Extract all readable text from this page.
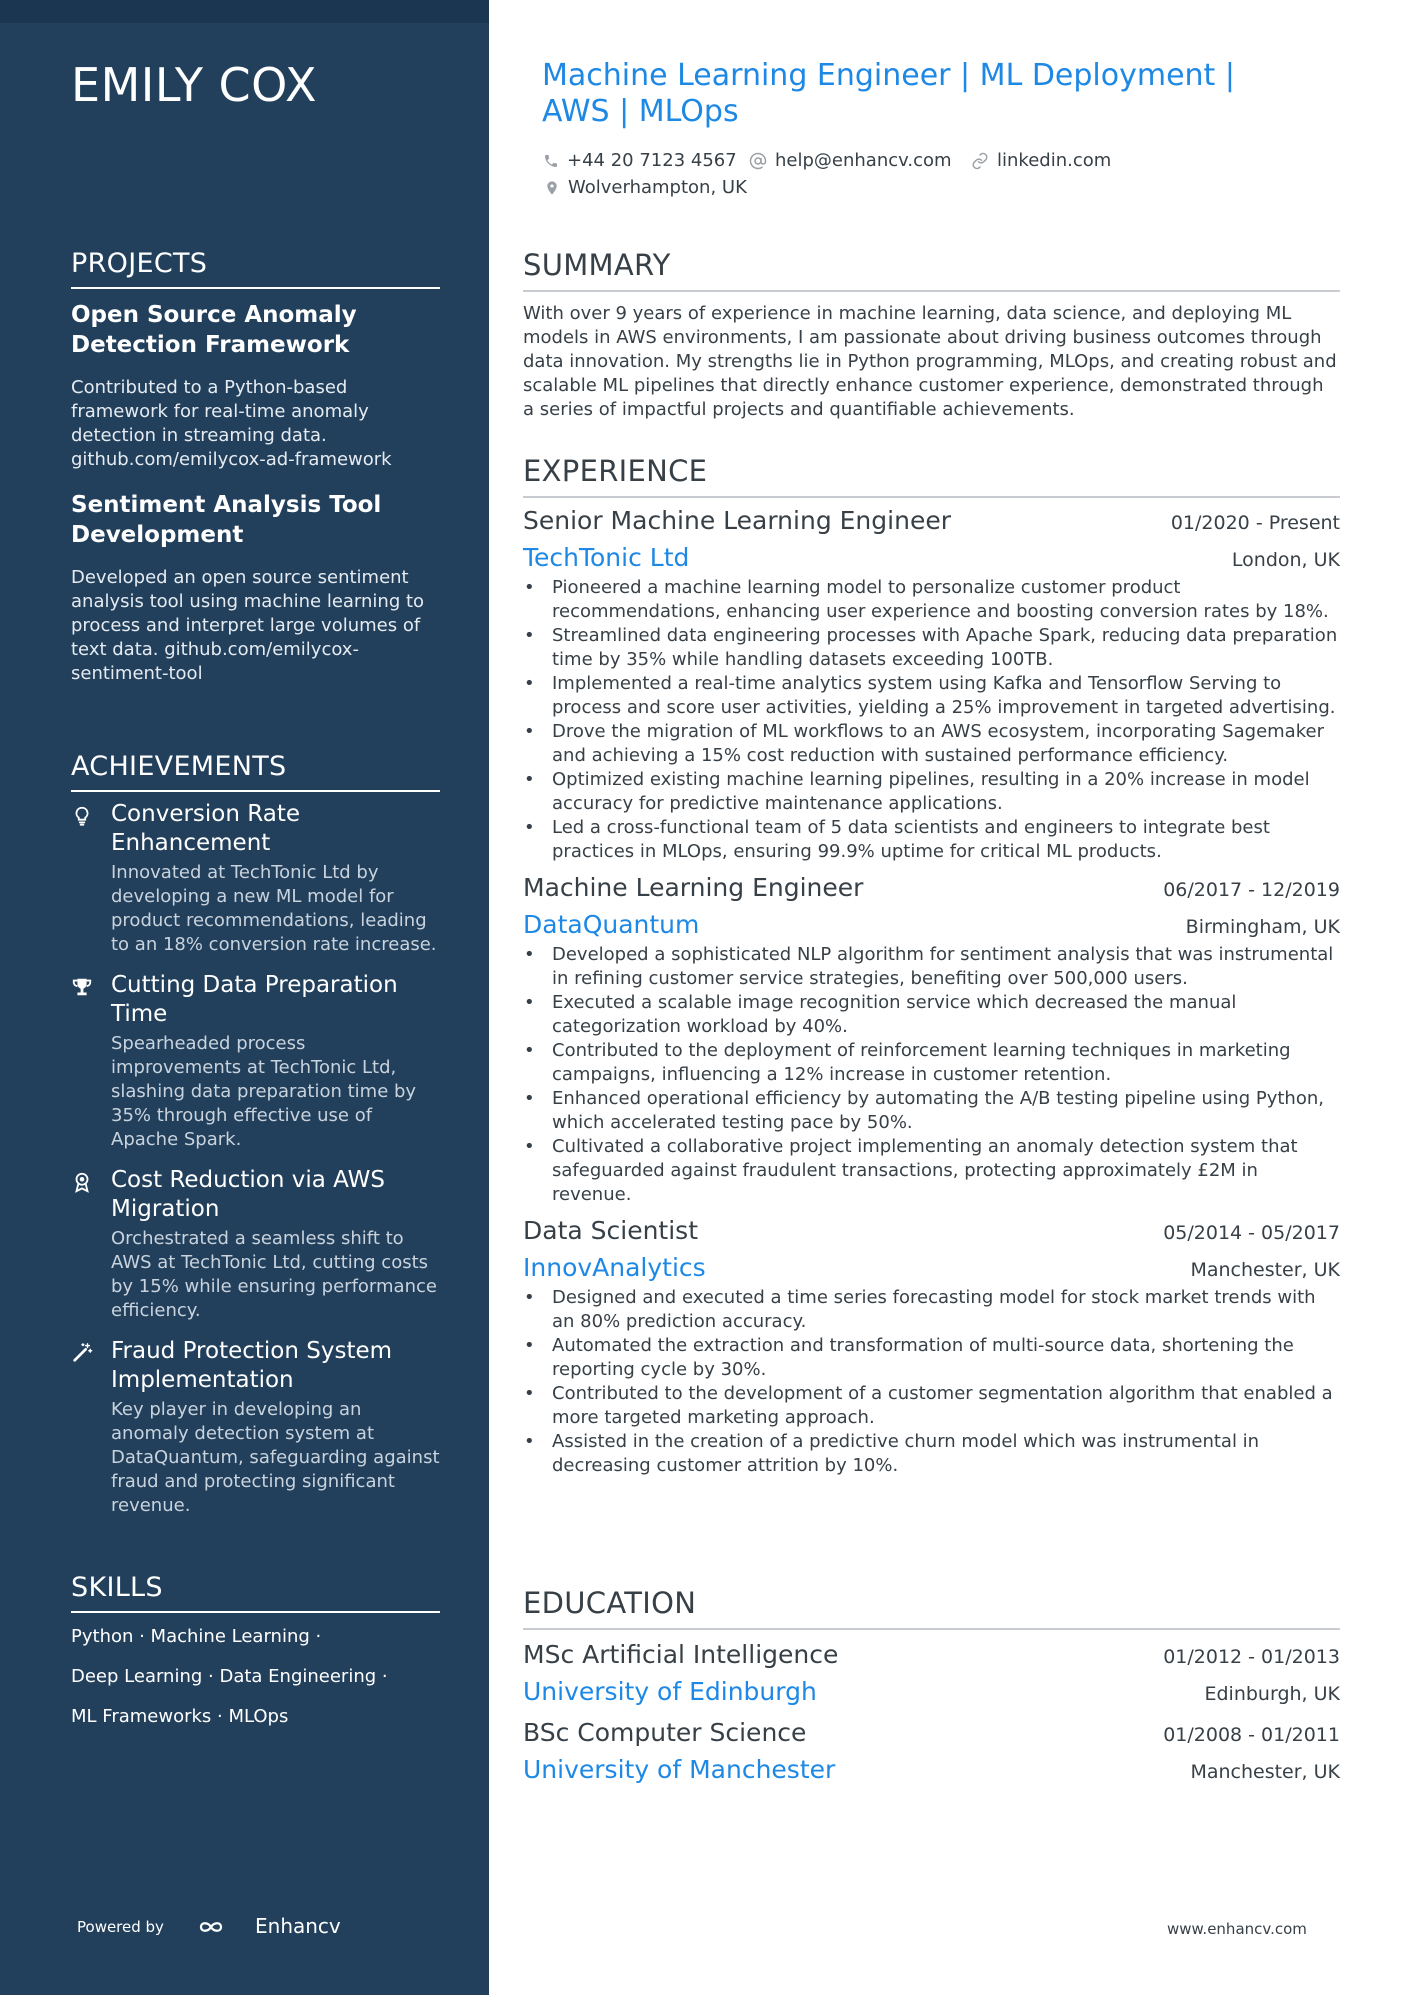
EMILY COX
PROJECTS
Open Source Anomaly Detection Framework
Contributed to a Python-based framework for real-time anomaly detection in streaming data. github.com/emilycox-ad-framework
Sentiment Analysis Tool Development
Developed an open source sentiment analysis tool using machine learning to process and interpret large volumes of text data. github.com/emilycox-sentiment-tool
ACHIEVEMENTS
Conversion Rate Enhancement
Innovated at TechTonic Ltd by developing a new ML model for product recommendations, leading to an 18% conversion rate increase.
Cutting Data Preparation Time
Spearheaded process improvements at TechTonic Ltd, slashing data preparation time by 35% through effective use of Apache Spark.
Cost Reduction via AWS Migration
Orchestrated a seamless shift to AWS at TechTonic Ltd, cutting costs by 15% while ensuring performance efficiency.
Fraud Protection System Implementation
Key player in developing an anomaly detection system at DataQuantum, safeguarding against fraud and protecting significant revenue.
SKILLS
Python · Machine Learning ·
Deep Learning · Data Engineering ·
ML Frameworks · MLOps
Powered by	Enhancv
Machine Learning Engineer | ML Deployment | AWS | MLOps
+44 20 7123 4567 help@enhancv.com	linkedin.com
Wolverhampton, UK
SUMMARY
With over 9 years of experience in machine learning, data science, and deploying ML models in AWS environments, I am passionate about driving business outcomes through data innovation. My strengths lie in Python programming, MLOps, and creating robust and scalable ML pipelines that directly enhance customer experience, demonstrated through a series of impactful projects and quantifiable achievements.
EXPERIENCE
Senior Machine Learning Engineer	01/2020 - Present
TechTonic Ltd	London, UK
• Pioneered a machine learning model to personalize customer product recommendations, enhancing user experience and boosting conversion rates by 18%.
• Streamlined data engineering processes with Apache Spark, reducing data preparation time by 35% while handling datasets exceeding 100TB.
• Implemented a real-time analytics system using Kafka and Tensorflow Serving to process and score user activities, yielding a 25% improvement in targeted advertising.
• Drove the migration of ML workflows to an AWS ecosystem, incorporating Sagemaker and achieving a 15% cost reduction with sustained performance efficiency.
• Optimized existing machine learning pipelines, resulting in a 20% increase in model accuracy for predictive maintenance applications.
• Led a cross-functional team of 5 data scientists and engineers to integrate best practices in MLOps, ensuring 99.9% uptime for critical ML products.
Machine Learning Engineer	06/2017 - 12/2019
DataQuantum	Birmingham, UK
• Developed a sophisticated NLP algorithm for sentiment analysis that was instrumental in refining customer service strategies, benefiting over 500,000 users.
• Executed a scalable image recognition service which decreased the manual categorization workload by 40%.
• Contributed to the deployment of reinforcement learning techniques in marketing campaigns, influencing a 12% increase in customer retention.
• Enhanced operational efficiency by automating the A/B testing pipeline using Python, which accelerated testing pace by 50%.
• Cultivated a collaborative project implementing an anomaly detection system that safeguarded against fraudulent transactions, protecting approximately £2M in revenue.
Data Scientist	05/2014 - 05/2017
InnovAnalytics	Manchester, UK
• Designed and executed a time series forecasting model for stock market trends with an 80% prediction accuracy.
• Automated the extraction and transformation of multi-source data, shortening the reporting cycle by 30%.
• Contributed to the development of a customer segmentation algorithm that enabled a more targeted marketing approach.
• Assisted in the creation of a predictive churn model which was instrumental in decreasing customer attrition by 10%.
EDUCATION
MSc Artificial Intelligence	01/2012 - 01/2013
University of Edinburgh	Edinburgh, UK
BSc Computer Science	01/2008 - 01/2011
University of Manchester	Manchester, UK
www.enhancv.com
